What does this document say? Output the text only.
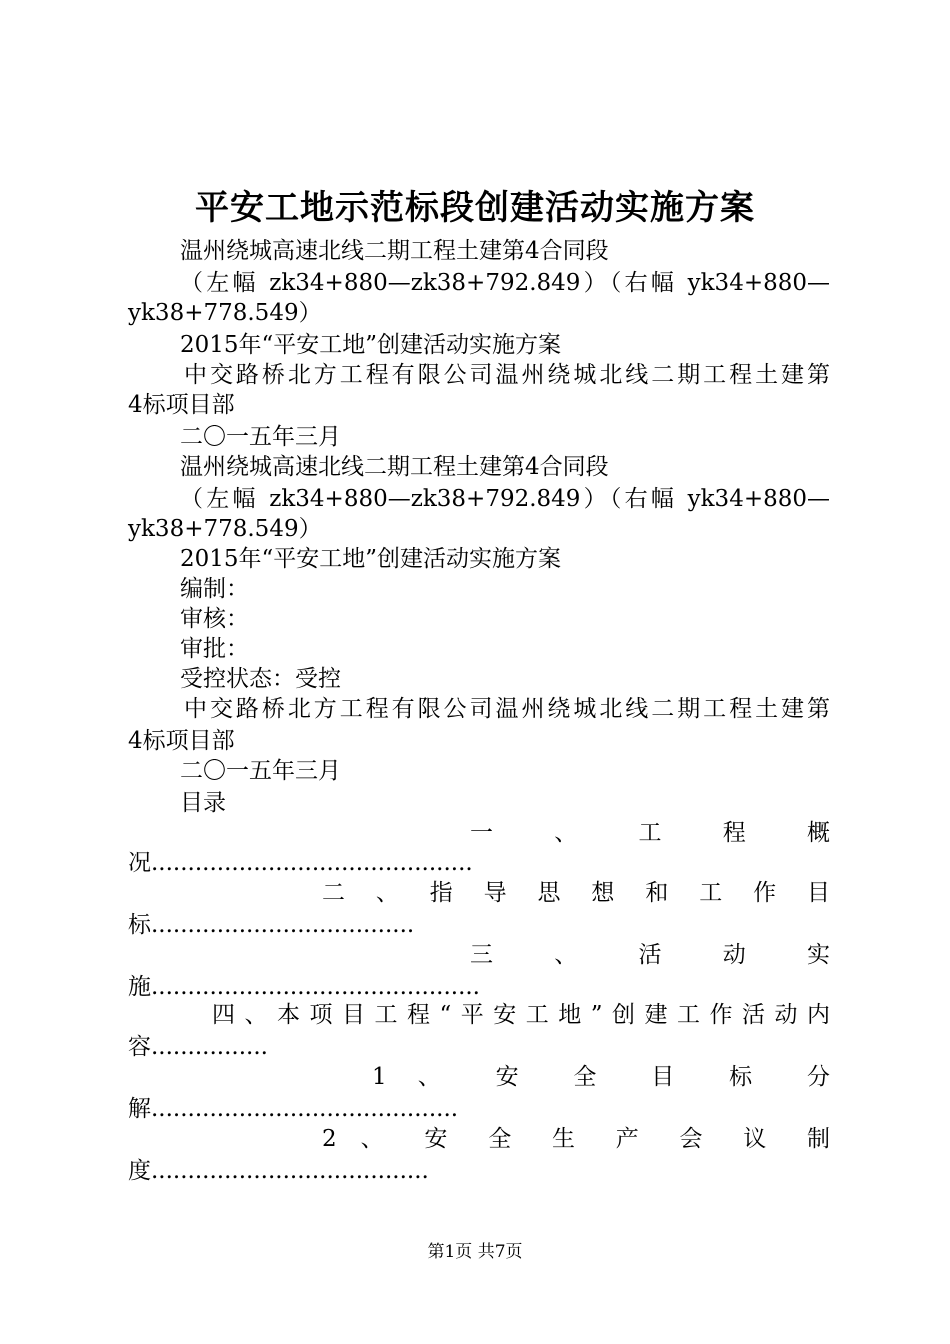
平安工地示范标段创建活动实施方案
温州绕城高速北线二期工程土建第4合同段
（左幅 zk34+880—zk38+792.849）（右幅 yk34+880—
yk38+778.549）
2015年“平安工地”创建活动实施方案
中交路桥北方工程有限公司温州绕城北线二期工程土建第
4标项目部
二〇一五年三月
温州绕城高速北线二期工程土建第4合同段
（左幅 zk34+880—zk38+792.849）（右幅 yk34+880—
yk38+778.549）
2015年“平安工地”创建活动实施方案
编制：
审核：
审批：
受控状态：受控
中交路桥北方工程有限公司温州绕城北线二期工程土建第
4标项目部
二〇一五年三月
目录
一 、 工 程 概
况............................................
二 、 指 导 思 想 和 工 作 目
标....................................
三 、 活 动 实
施.............................................
四、本项目工程“平安工地”创建工作活动内
容................
1 、 安 全 目 标 分
解..........................................
2 、 安 全 生 产 会 议 制
度......................................
第1页 共7页
